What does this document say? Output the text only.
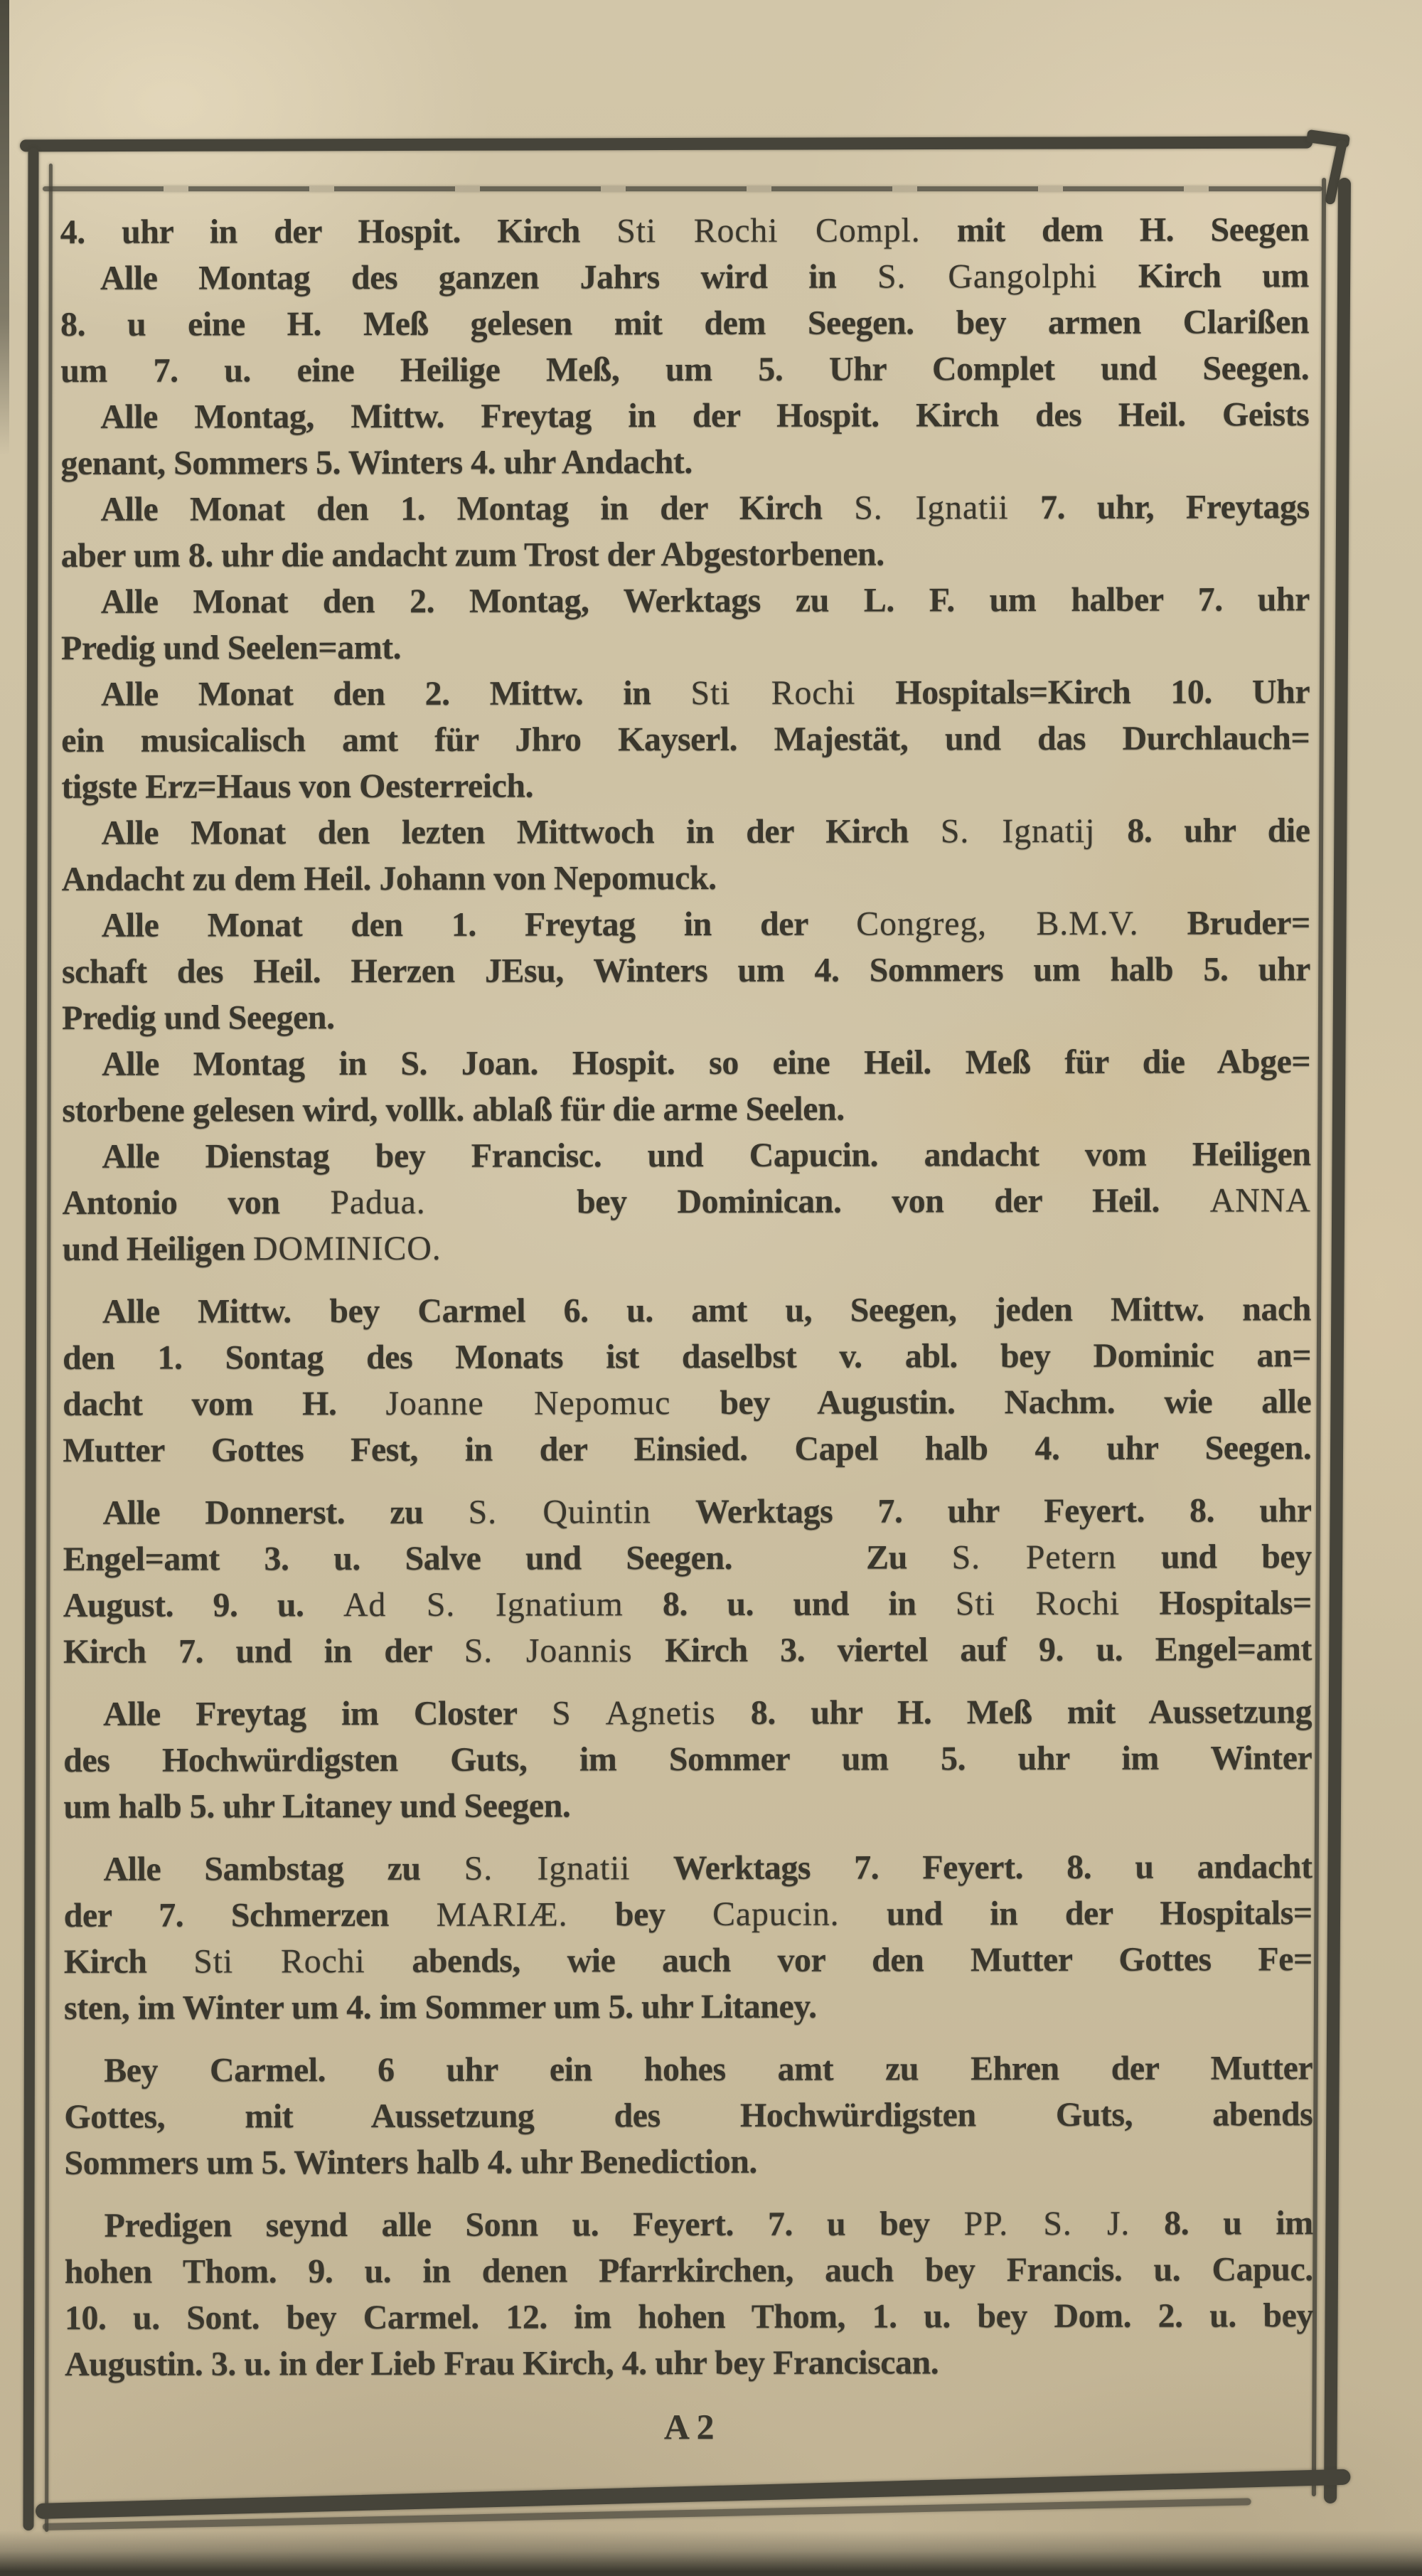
4. uhr in der Hospit. Kirch Sti Rochi Compl. mit dem H. Seegen
Alle Montag des ganzen Jahrs wird in S. Gangolphi Kirch um
8. u eine H. Meß gelesen mit dem Seegen. bey armen Clarißen
um 7. u. eine Heilige Meß, um 5. Uhr Complet und Seegen.
Alle Montag, Mittw. Freytag in der Hospit. Kirch des Heil. Geists
genant, Sommers 5. Winters 4. uhr Andacht.
Alle Monat den 1. Montag in der Kirch S. Ignatii 7. uhr, Freytags
aber um 8. uhr die andacht zum Trost der Abgestorbenen.
Alle Monat den 2. Montag, Werktags zu L. F. um halber 7. uhr
Predig und Seelen=amt.
Alle Monat den 2. Mittw. in Sti Rochi Hospitals=Kirch 10. Uhr
ein musicalisch amt für Jhro Kayserl. Majestät, und das Durchlauch=
tigste Erz=Haus von Oesterreich.
Alle Monat den lezten Mittwoch in der Kirch S. Ignatij 8. uhr die
Andacht zu dem Heil. Johann von Nepomuck.
Alle Monat den 1. Freytag in der Congreg, B.M.V. Bruder=
schaft des Heil. Herzen JEsu, Winters um 4. Sommers um halb 5. uhr
Predig und Seegen.
Alle Montag in S. Joan. Hospit. so eine Heil. Meß für die Abge=
storbene gelesen wird, vollk. ablaß für die arme Seelen.
Alle Dienstag bey Francisc. und Capucin. andacht vom Heiligen
Antonio von Padua.   bey Dominican. von der Heil. ANNA
und Heiligen DOMINICO.
Alle Mittw. bey Carmel 6. u. amt u, Seegen, jeden Mittw. nach
den 1. Sontag des Monats ist daselbst v. abl. bey Dominic an=
dacht vom H. Joanne Nepomuc bey Augustin. Nachm. wie alle
Mutter Gottes Fest, in der Einsied. Capel halb 4. uhr Seegen.
Alle Donnerst. zu S. Quintin Werktags 7. uhr Feyert. 8. uhr
Engel=amt 3. u. Salve und Seegen.   Zu S. Petern und bey
August. 9. u. Ad S. Ignatium 8. u. und in Sti Rochi Hospitals=
Kirch 7. und in der S. Joannis Kirch 3. viertel auf 9. u. Engel=amt
Alle Freytag im Closter S Agnetis 8. uhr H. Meß mit Aussetzung
des Hochwürdigsten Guts, im Sommer um 5. uhr im Winter
um halb 5. uhr Litaney und Seegen.
Alle Sambstag zu S. Ignatii Werktags 7. Feyert. 8. u andacht
der 7. Schmerzen MARIÆ. bey Capucin. und in der Hospitals=
Kirch Sti Rochi abends, wie auch vor den Mutter Gottes Fe=
sten, im Winter um 4. im Sommer um 5. uhr Litaney.
Bey Carmel. 6 uhr ein hohes amt zu Ehren der Mutter
Gottes, mit Aussetzung des Hochwürdigsten Guts, abends
Sommers um 5. Winters halb 4. uhr Benediction.
Predigen seynd alle Sonn u. Feyert. 7. u bey PP. S. J. 8. u im
hohen Thom. 9. u. in denen Pfarrkirchen, auch bey Francis. u. Capuc.
10. u. Sont. bey Carmel. 12. im hohen Thom, 1. u. bey Dom. 2. u. bey
Augustin. 3. u. in der Lieb Frau Kirch, 4. uhr bey Franciscan.
A 2
